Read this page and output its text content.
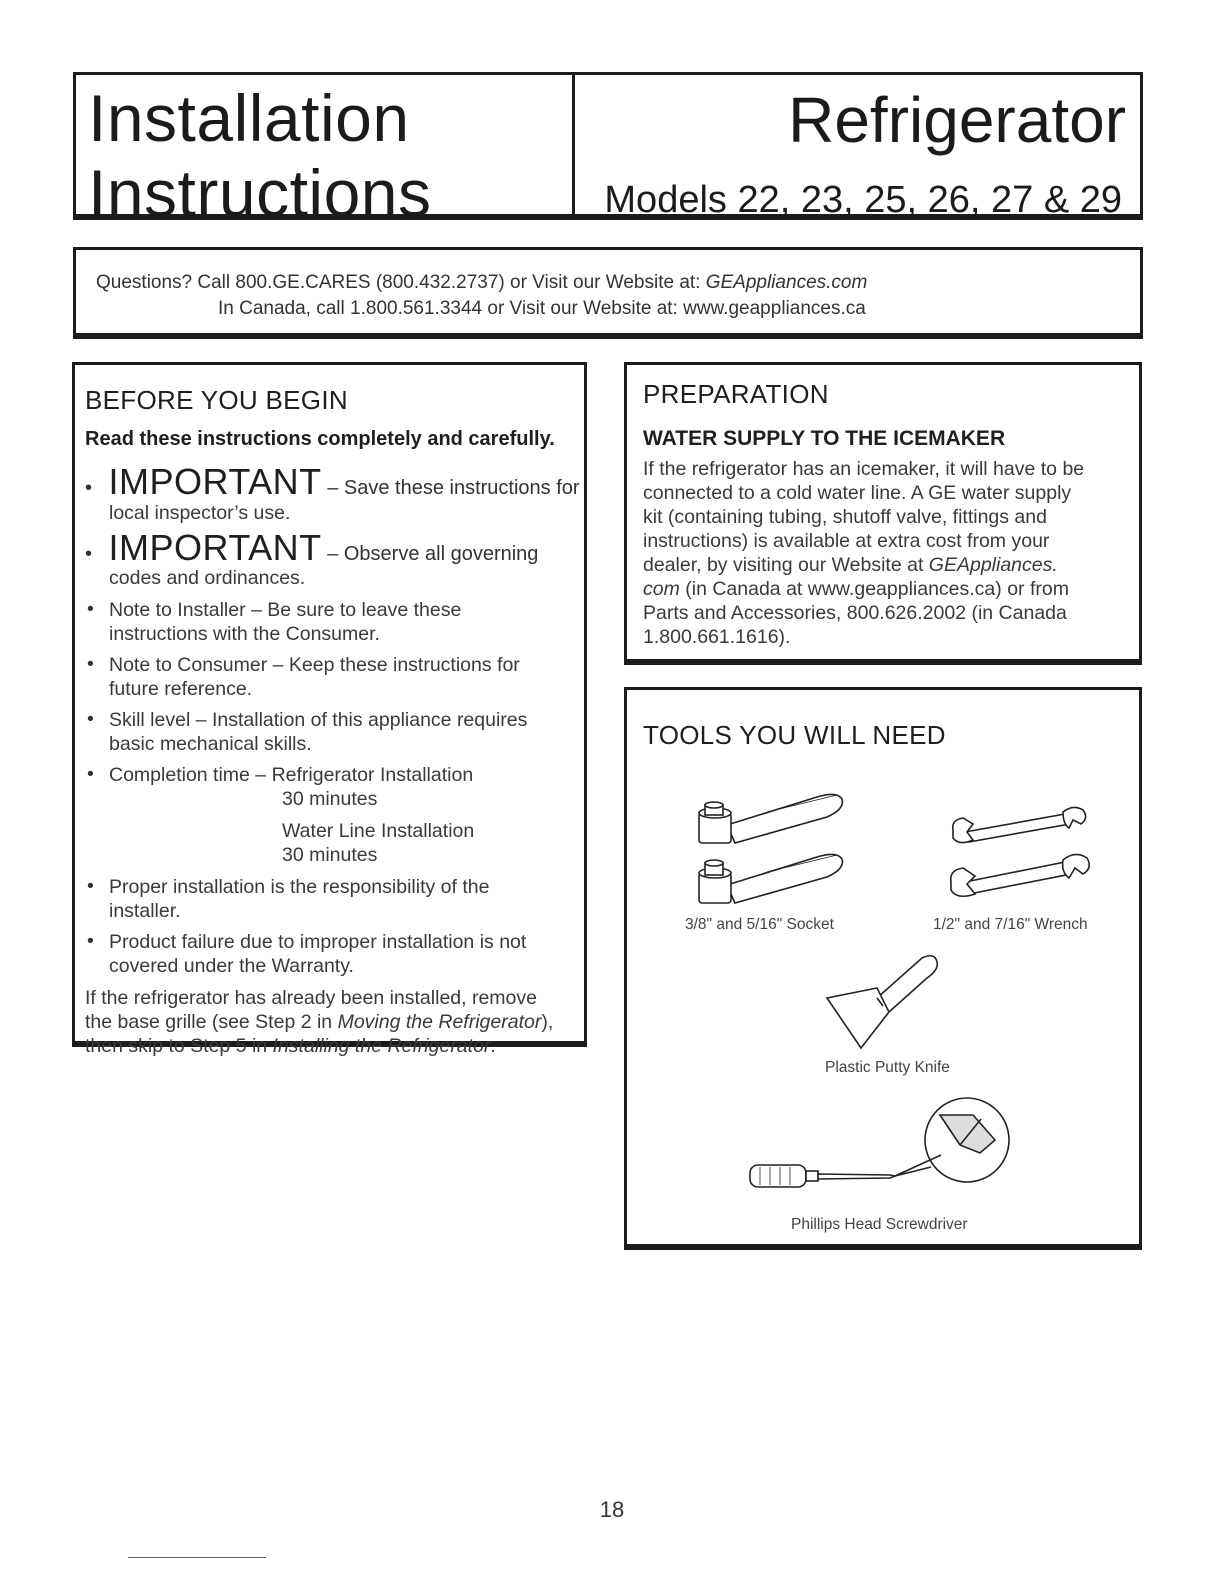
Installation
Instructions
Refrigerator
Models 22, 23, 25, 26, 27 & 29
Questions? Call 800.GE.CARES (800.432.2737) or Visit our Website at: GEAppliances.com
In Canada, call 1.800.561.3344 or Visit our Website at: www.geappliances.ca
BEFORE YOU BEGIN
Read these instructions completely and carefully.
• IMPORTANT – Save these instructions for
local inspector’s use.
• IMPORTANT – Observe all governing
codes and ordinances.
• Note to Installer – Be sure to leave these instructions with the Consumer.
• Note to Consumer – Keep these instructions for future reference.
• Skill level – Installation of this appliance requires basic mechanical skills.
• Completion time – Refrigerator Installation
30 minutes
Water Line Installation
30 minutes
• Proper installation is the responsibility of the installer.
• Product failure due to improper installation is not covered under the Warranty.
If the refrigerator has already been installed, remove
the base grille (see Step 2 in Moving the Refrigerator),
then skip to Step 5 in Installing the Refrigerator.
PREPARATION
WATER SUPPLY TO THE ICEMAKER
If the refrigerator has an icemaker, it will have to be
connected to a cold water line. A GE water supply
kit (containing tubing, shutoff valve, fittings and
instructions) is available at extra cost from your
dealer, by visiting our Website at GEAppliances.
com (in Canada at www.geappliances.ca) or from
Parts and Accessories, 800.626.2002 (in Canada
1.800.661.1616).
TOOLS YOU WILL NEED
3/8" and 5/16" Socket	1/2" and 7/16" Wrench
Plastic Putty Knife
Phillips Head Screwdriver
18
